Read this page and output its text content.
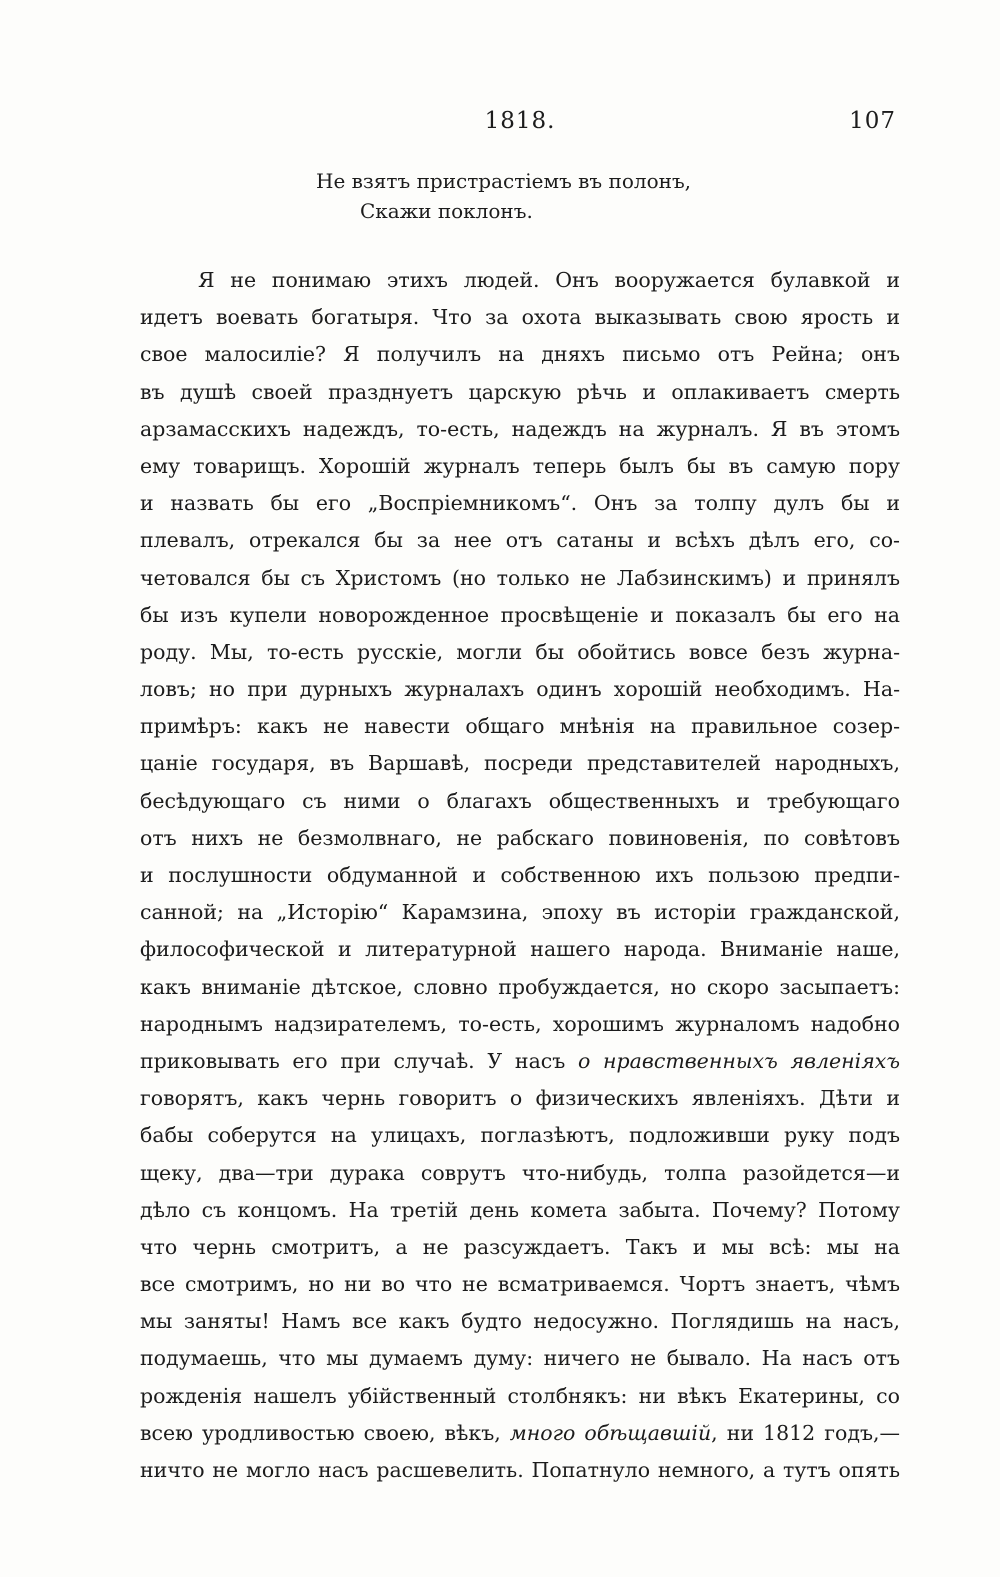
1818.	107
Не взятъ пристрастіемъ въ полонъ,
Скажи поклонъ.
Я не понимаю этихъ людей. Онъ вооружается булавкой и
идетъ воевать богатыря. Что за охота выказывать свою ярость и
свое малосиліе? Я получилъ на дняхъ письмо отъ Рейна; онъ
въ душѣ своей празднуетъ царскую рѣчь и оплакиваетъ смерть
арзамасскихъ надеждъ, то-есть, надеждъ на журналъ. Я въ этомъ
ему товарищъ. Хорошій журналъ теперь былъ бы въ самую пору
и назвать бы его „Воспріемникомъ“. Онъ за толпу дулъ бы и
плевалъ, отрекался бы за нее отъ сатаны и всѣхъ дѣлъ его, со-
четовался бы съ Христомъ (но только не Лабзинскимъ) и принялъ
бы изъ купели новорожденное просвѣщеніе и показалъ бы его на
роду. Мы, то-есть русскіе, могли бы обойтись вовсе безъ журна-
ловъ; но при дурныхъ журналахъ одинъ хорошій необходимъ. На-
примѣръ: какъ не навести общаго мнѣнія на правильное созер-
цаніе государя, въ Варшавѣ, посреди представителей народныхъ,
бесѣдующаго съ ними о благахъ общественныхъ и требующаго
отъ нихъ не безмолвнаго, не рабскаго повиновенія, по совѣтовъ
и послушности обдуманной и собственною ихъ пользою предпи-
санной; на „Исторію“ Карамзина, эпоху въ исторіи гражданской,
философической и литературной нашего народа. Вниманіе наше,
какъ вниманіе дѣтское, словно пробуждается, но скоро засыпаетъ:
народнымъ надзирателемъ, то-есть, хорошимъ журналомъ надобно
приковывать его при случаѣ. У насъ о нравственныхъ явленіяхъ
говорятъ, какъ чернь говоритъ о физическихъ явленіяхъ. Дѣти и
бабы соберутся на улицахъ, поглазѣютъ, подложивши руку подъ
щеку, два—три дурака соврутъ что-нибудь, толпа разойдется—и
дѣло съ концомъ. На третій день комета забыта. Почему? Потому
что чернь смотритъ, а не разсуждаетъ. Такъ и мы всѣ: мы на
все смотримъ, но ни во что не всматриваемся. Чортъ знаетъ, чѣмъ
мы заняты! Намъ все какъ будто недосужно. Поглядишь на насъ,
подумаешь, что мы думаемъ думу: ничего не бывало. На насъ отъ
рожденія нашелъ убійственный столбнякъ: ни вѣкъ Екатерины, со
всею уродливостью своею, вѣкъ, много обѣщавшій, ни 1812 годъ,—
ничто не могло насъ расшевелить. Попатнуло немного, а тутъ опять
